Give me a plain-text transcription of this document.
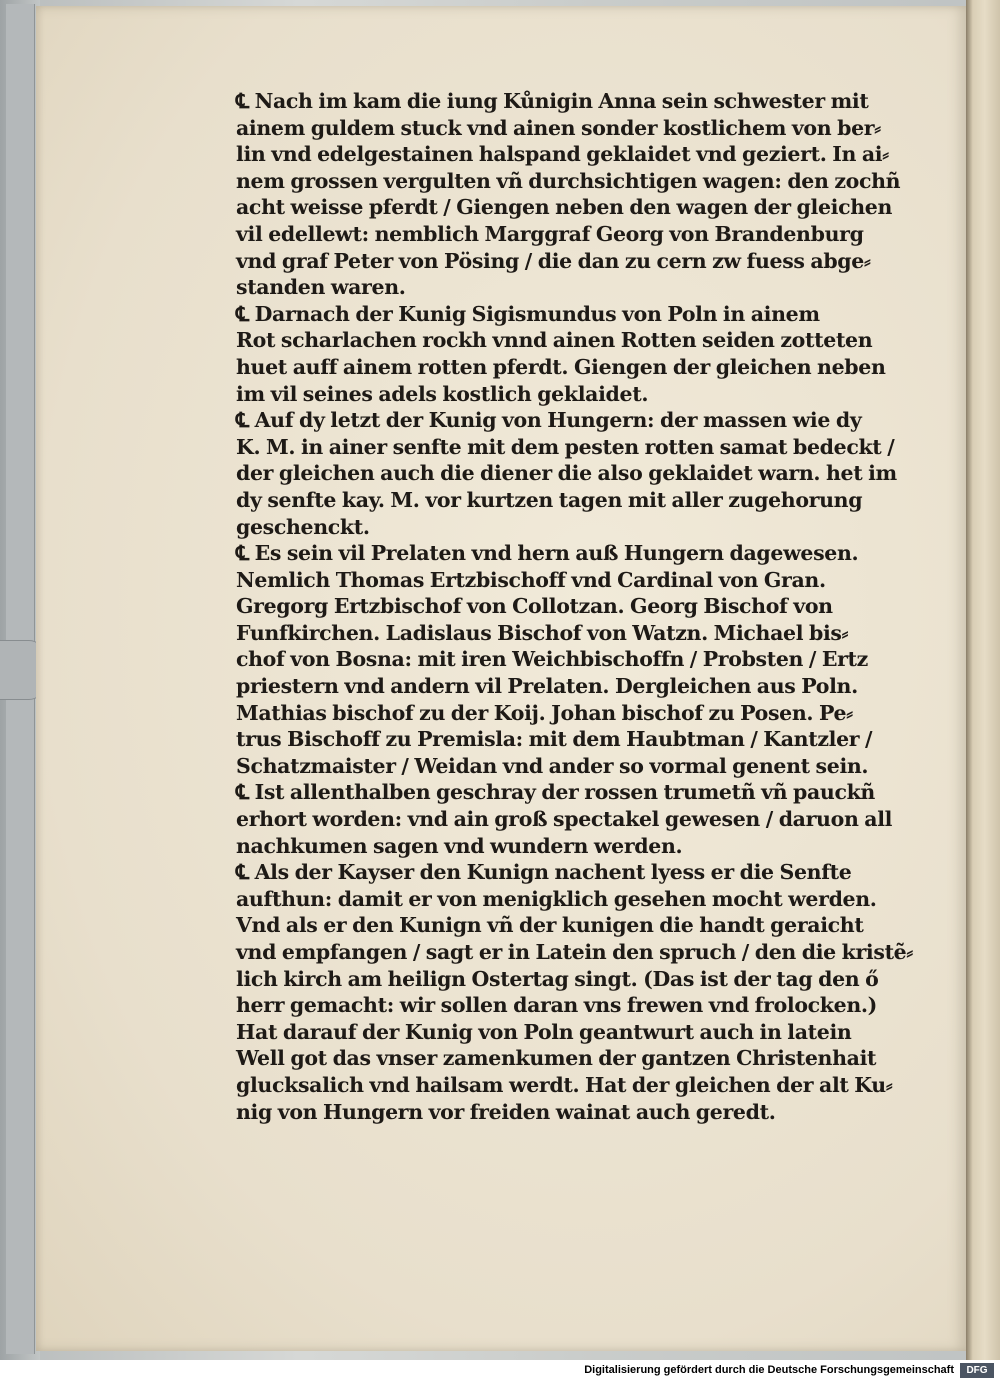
℄ Nach im kam die iung Kůnigin Anna sein schwester mit
ainem guldem stuck vnd ainen sonder kostlichem von ber⸗
lin vnd edelgestainen halspand geklaidet vnd geziert. In ai⸗
nem grossen vergulten vñ durchsichtigen wagen: den zochñ
acht weisse pferdt / Giengen neben den wagen der gleichen
vil edellewt: nemblich Marggraf Georg von Brandenburg
vnd graf Peter von Pösing / die dan zu cern zw fuess abge⸗
standen waren.
℄ Darnach der Kunig Sigismundus von Poln in ainem
Rot scharlachen rockh vnnd ainen Rotten seiden zotteten
huet auff ainem rotten pferdt. Giengen der gleichen neben
im vil seines adels kostlich geklaidet.
℄ Auf dy letzt der Kunig von Hungern: der massen wie dy
K. M. in ainer senfte mit dem pesten rotten samat bedeckt /
der gleichen auch die diener die also geklaidet warn. het im
dy senfte kay. M. vor kurtzen tagen mit aller zugehorung
geschenckt.
℄ Es sein vil Prelaten vnd hern auß Hungern dagewesen.
Nemlich Thomas Ertzbischoff vnd Cardinal von Gran.
Gregorg Ertzbischof von Collotzan. Georg Bischof von
Funfkirchen. Ladislaus Bischof von Watzn. Michael bis⸗
chof von Bosna: mit iren Weichbischoffn / Probsten / Ertz
priestern vnd andern vil Prelaten. Dergleichen aus Poln.
Mathias bischof zu der Koij. Johan bischof zu Posen. Pe⸗
trus Bischoff zu Premisla: mit dem Haubtman / Kantzler /
Schatzmaister / Weidan vnd ander so vormal genent sein.
℄ Ist allenthalben geschray der rossen trumetñ vñ pauckñ
erhort worden: vnd ain groß spectakel gewesen / daruon all
nachkumen sagen vnd wundern werden.
℄ Als der Kayser den Kunign nachent lyess er die Senfte
aufthun: damit er von menigklich gesehen mocht werden.
Vnd als er den Kunign vñ der kunigen die handt geraicht
vnd empfangen / sagt er in Latein den spruch / den die kristẽ⸗
lich kirch am heilign Ostertag singt. (Das ist der tag den ő
herr gemacht: wir sollen daran vns frewen vnd frolocken.)
Hat darauf der Kunig von Poln geantwurt auch in latein
Well got das vnser zamenkumen der gantzen Christenhait
glucksalich vnd hailsam werdt. Hat der gleichen der alt Ku⸗
nig von Hungern vor freiden wainat auch geredt.
Digitalisierung gefördert durch die Deutsche Forschungsgemeinschaft	DFG
